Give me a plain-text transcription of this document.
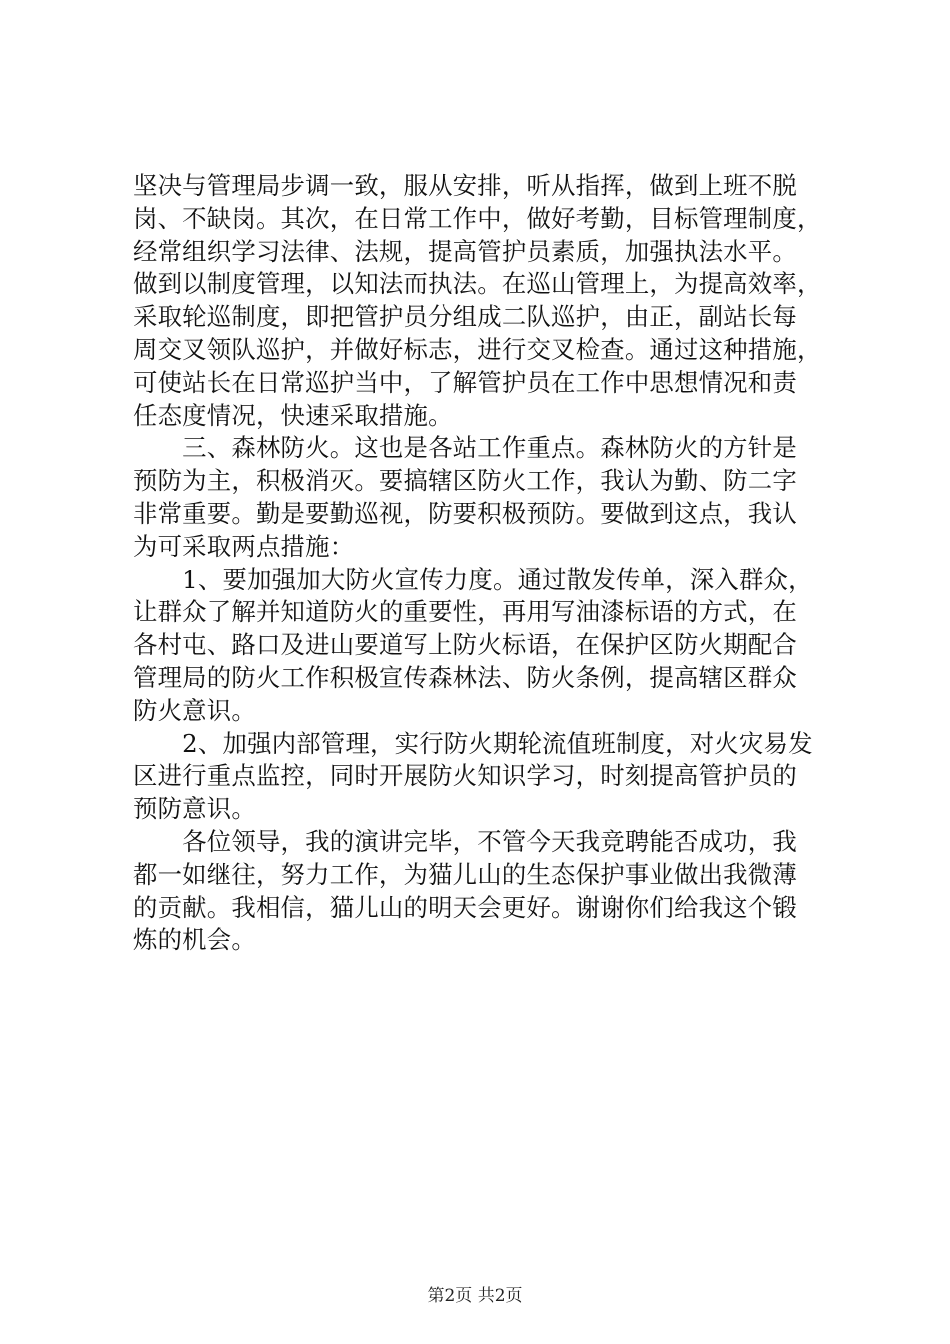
坚决与管理局步调一致，服从安排，听从指挥，做到上班不脱
岗、不缺岗。其次，在日常工作中，做好考勤，目标管理制度，
经常组织学习法律、法规，提高管护员素质，加强执法水平。
做到以制度管理，以知法而执法。在巡山管理上，为提高效率，
采取轮巡制度，即把管护员分组成二队巡护，由正，副站长每
周交叉领队巡护，并做好标志，进行交叉检查。通过这种措施，
可使站长在日常巡护当中，了解管护员在工作中思想情况和责
任态度情况，快速采取措施。
　　三、森林防火。这也是各站工作重点。森林防火的方针是
预防为主，积极消灭。要搞辖区防火工作，我认为勤、防二字
非常重要。勤是要勤巡视，防要积极预防。要做到这点，我认
为可采取两点措施：
　　1、要加强加大防火宣传力度。通过散发传单，深入群众，
让群众了解并知道防火的重要性，再用写油漆标语的方式，在
各村屯、路口及进山要道写上防火标语，在保护区防火期配合
管理局的防火工作积极宣传森林法、防火条例，提高辖区群众
防火意识。
　　2、加强内部管理，实行防火期轮流值班制度，对火灾易发
区进行重点监控，同时开展防火知识学习，时刻提高管护员的
预防意识。
　　各位领导，我的演讲完毕，不管今天我竞聘能否成功，我
都一如继往，努力工作，为猫儿山的生态保护事业做出我微薄
的贡献。我相信，猫儿山的明天会更好。谢谢你们给我这个锻
炼的机会。
第2页 共2页
